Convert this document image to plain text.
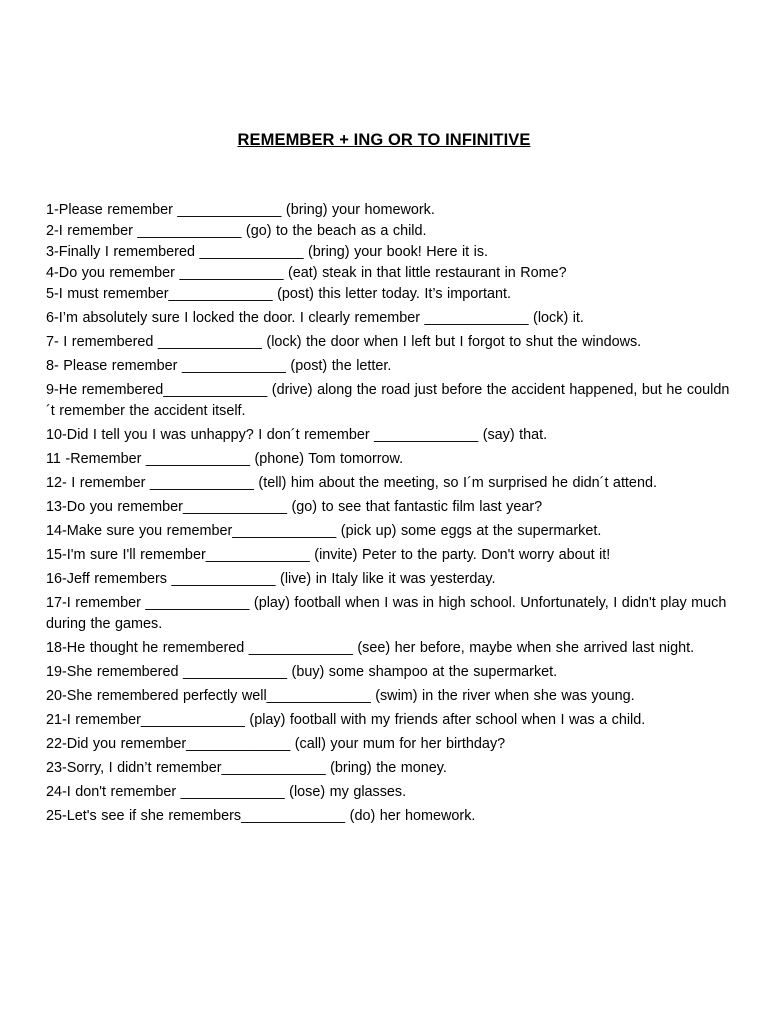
REMEMBER + ING OR TO INFINITIVE
1-Please remember _____________ (bring) your homework.
2-I remember _____________ (go) to the beach as a child.
3-Finally I remembered _____________ (bring) your book! Here it is.
4-Do you remember _____________ (eat) steak in that little restaurant in Rome?
5-I must remember_____________ (post) this letter today. It’s important.
6-I’m absolutely sure I locked the door. I clearly remember _____________ (lock) it.
7- I remembered _____________ (lock) the door when I left but I forgot to shut the windows.
8- Please remember _____________ (post) the letter.
9-He remembered_____________ (drive) along the road just before the accident happened, but he couldn´t remember the accident itself.
10-Did I tell you I was unhappy? I don´t remember _____________ (say) that.
11 -Remember _____________ (phone) Tom tomorrow.
12- I remember _____________ (tell) him about the meeting, so I´m surprised he didn´t attend.
13-Do you remember_____________ (go) to see that fantastic film last year?
14-Make sure you remember_____________ (pick up) some eggs at the supermarket.
15-I'm sure I'll remember_____________ (invite) Peter to the party. Don't worry about it!
16-Jeff remembers _____________ (live) in Italy like it was yesterday.
17-I remember _____________ (play) football when I was in high school. Unfortunately, I didn't play much during the games.
18-He thought he remembered _____________ (see) her before, maybe when she arrived last night.
19-She remembered _____________ (buy) some shampoo at the supermarket.
20-She remembered perfectly well_____________ (swim) in the river when she was young.
21-I remember_____________ (play) football with my friends after school when I was a child.
22-Did you remember_____________ (call) your mum for her birthday?
23-Sorry, I didn’t remember_____________ (bring) the money.
24-I don't remember _____________ (lose) my glasses.
25-Let's see if she remembers_____________ (do) her homework.
